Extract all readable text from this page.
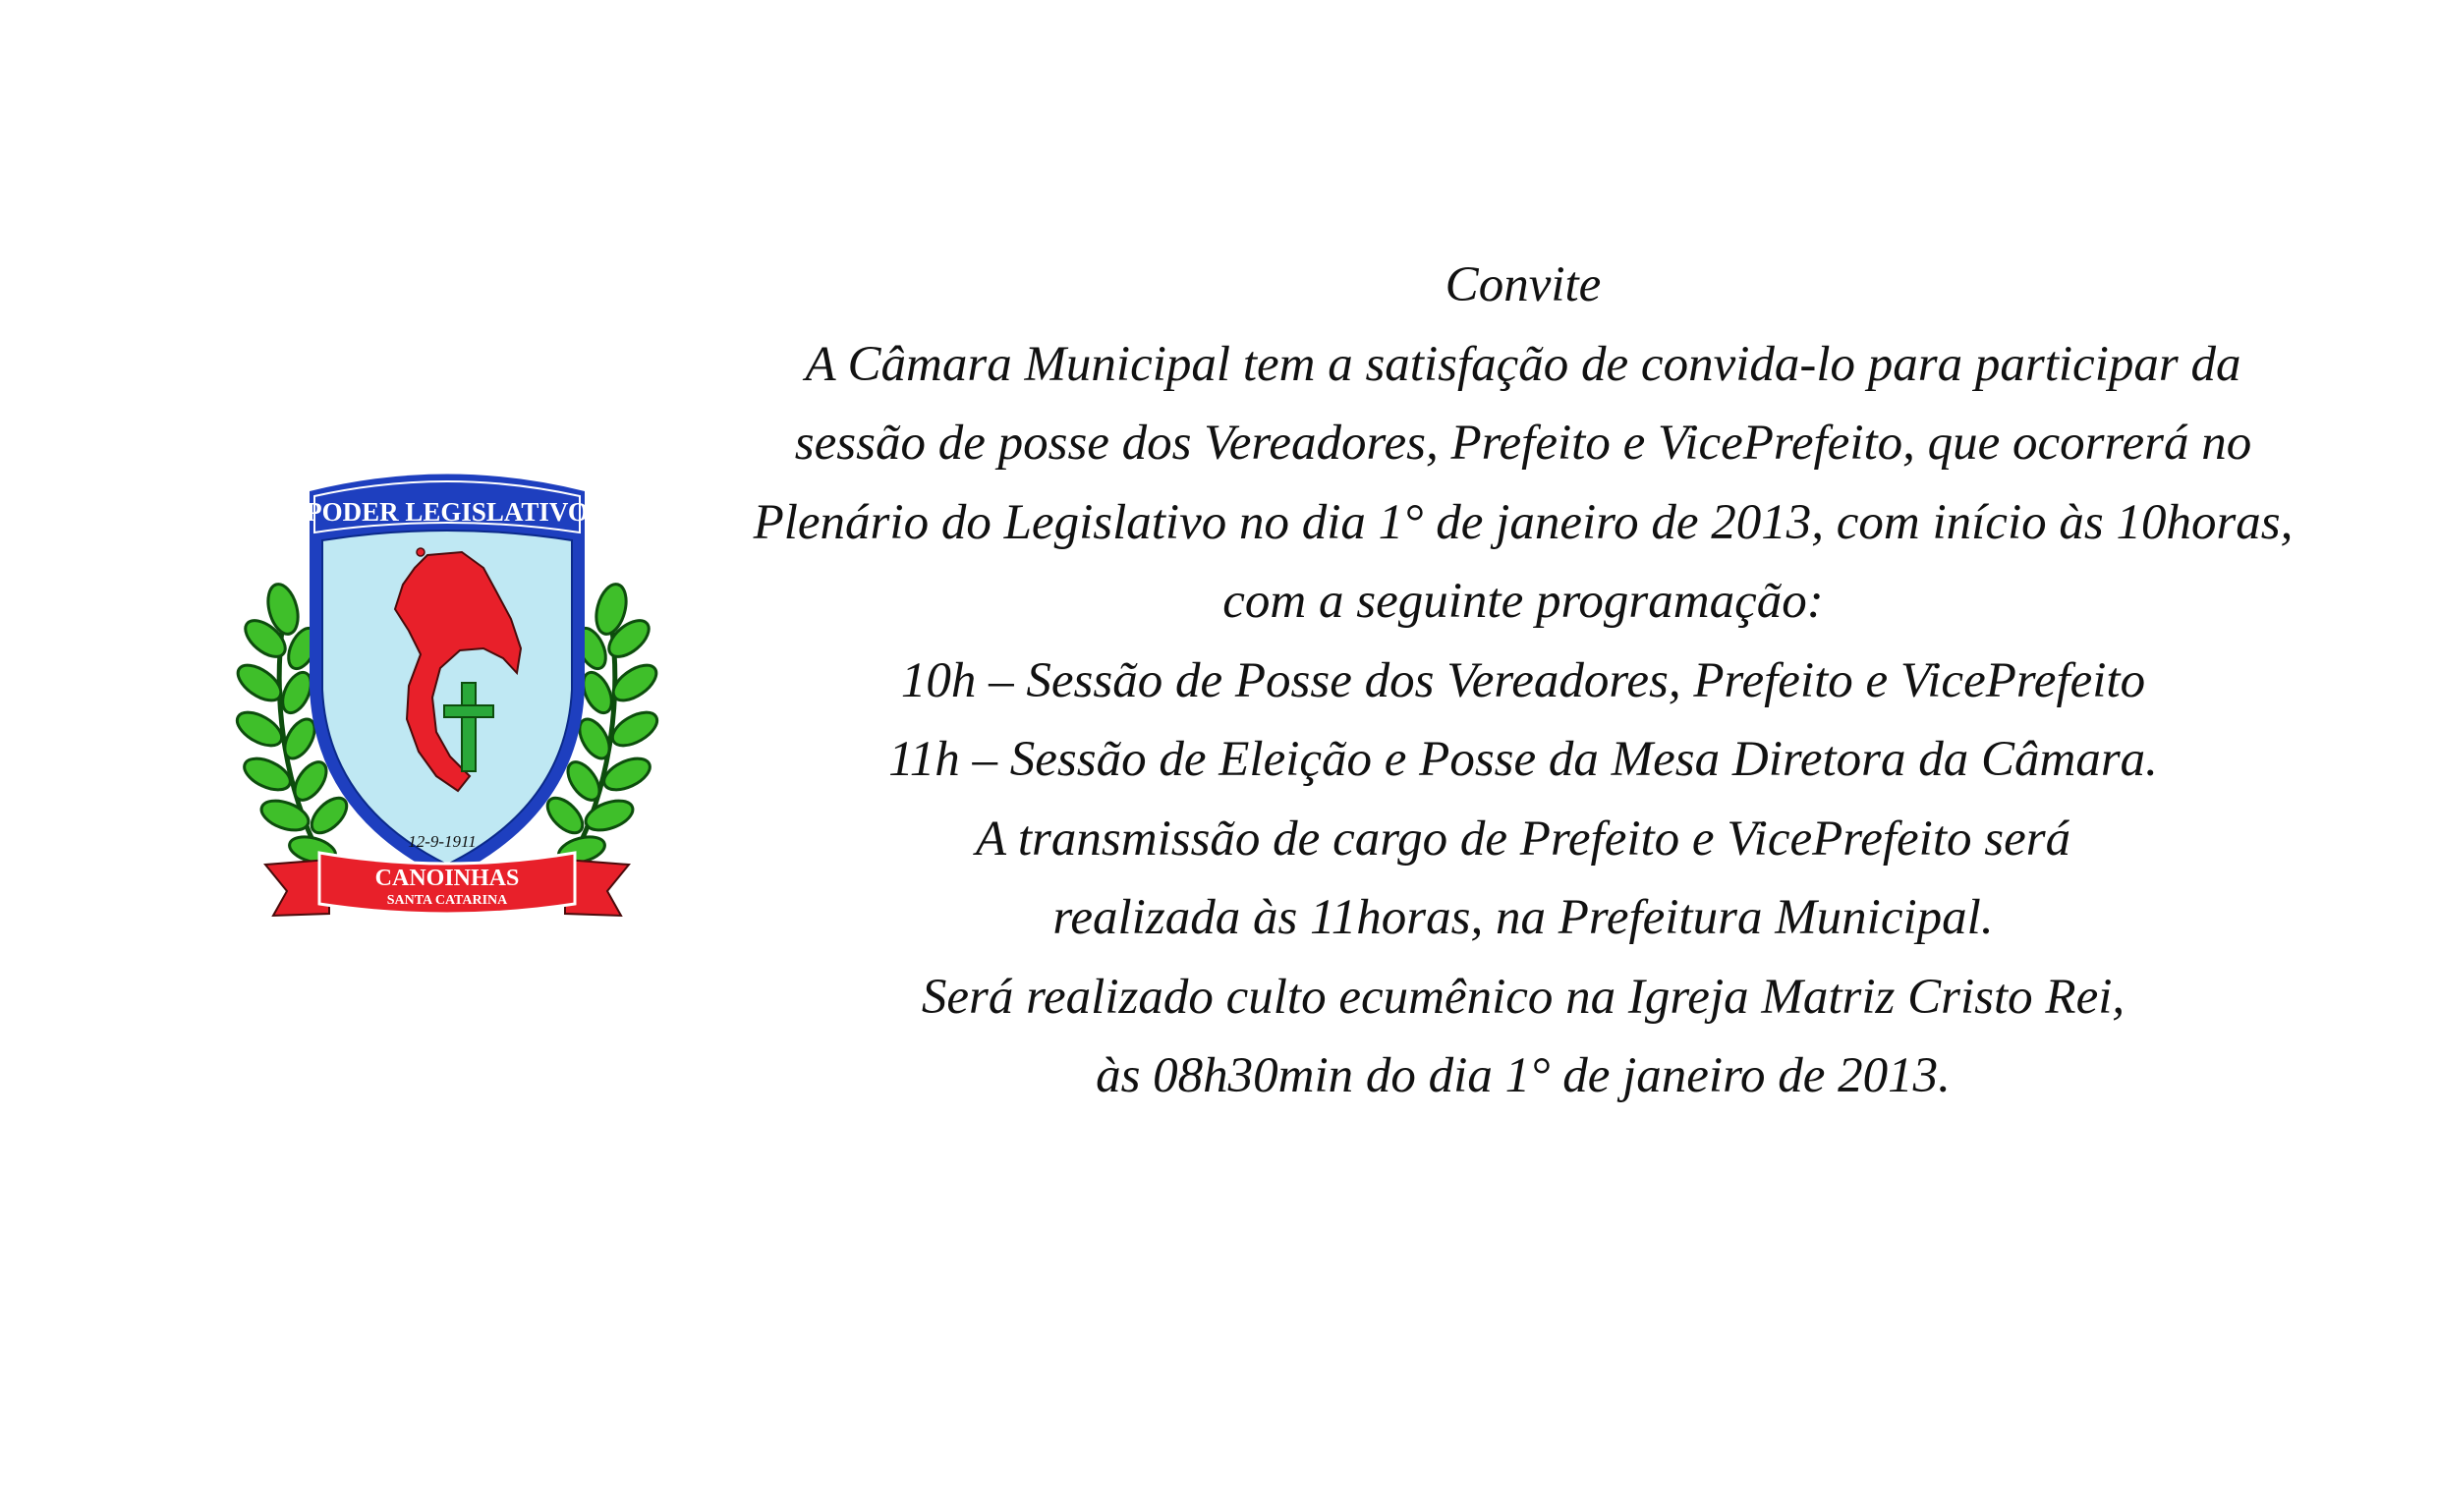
PODER LEGISLATIVO
12-9-1911
CANOINHAS
SANTA CATARINA
Convite
A Câmara Municipal tem a satisfação de convida-lo para participar da
sessão de posse dos Vereadores, Prefeito e VicePrefeito, que ocorrerá no
Plenário do Legislativo no dia 1° de janeiro de 2013, com início às 10horas,
com a seguinte programação:
10h – Sessão de Posse dos Vereadores, Prefeito e VicePrefeito
11h – Sessão de Eleição e Posse da Mesa Diretora da Câmara.
A transmissão de cargo de Prefeito e VicePrefeito será
realizada às 11horas, na Prefeitura Municipal.
Será realizado culto ecumênico na Igreja Matriz Cristo Rei,
às 08h30min do dia 1° de janeiro de 2013.
